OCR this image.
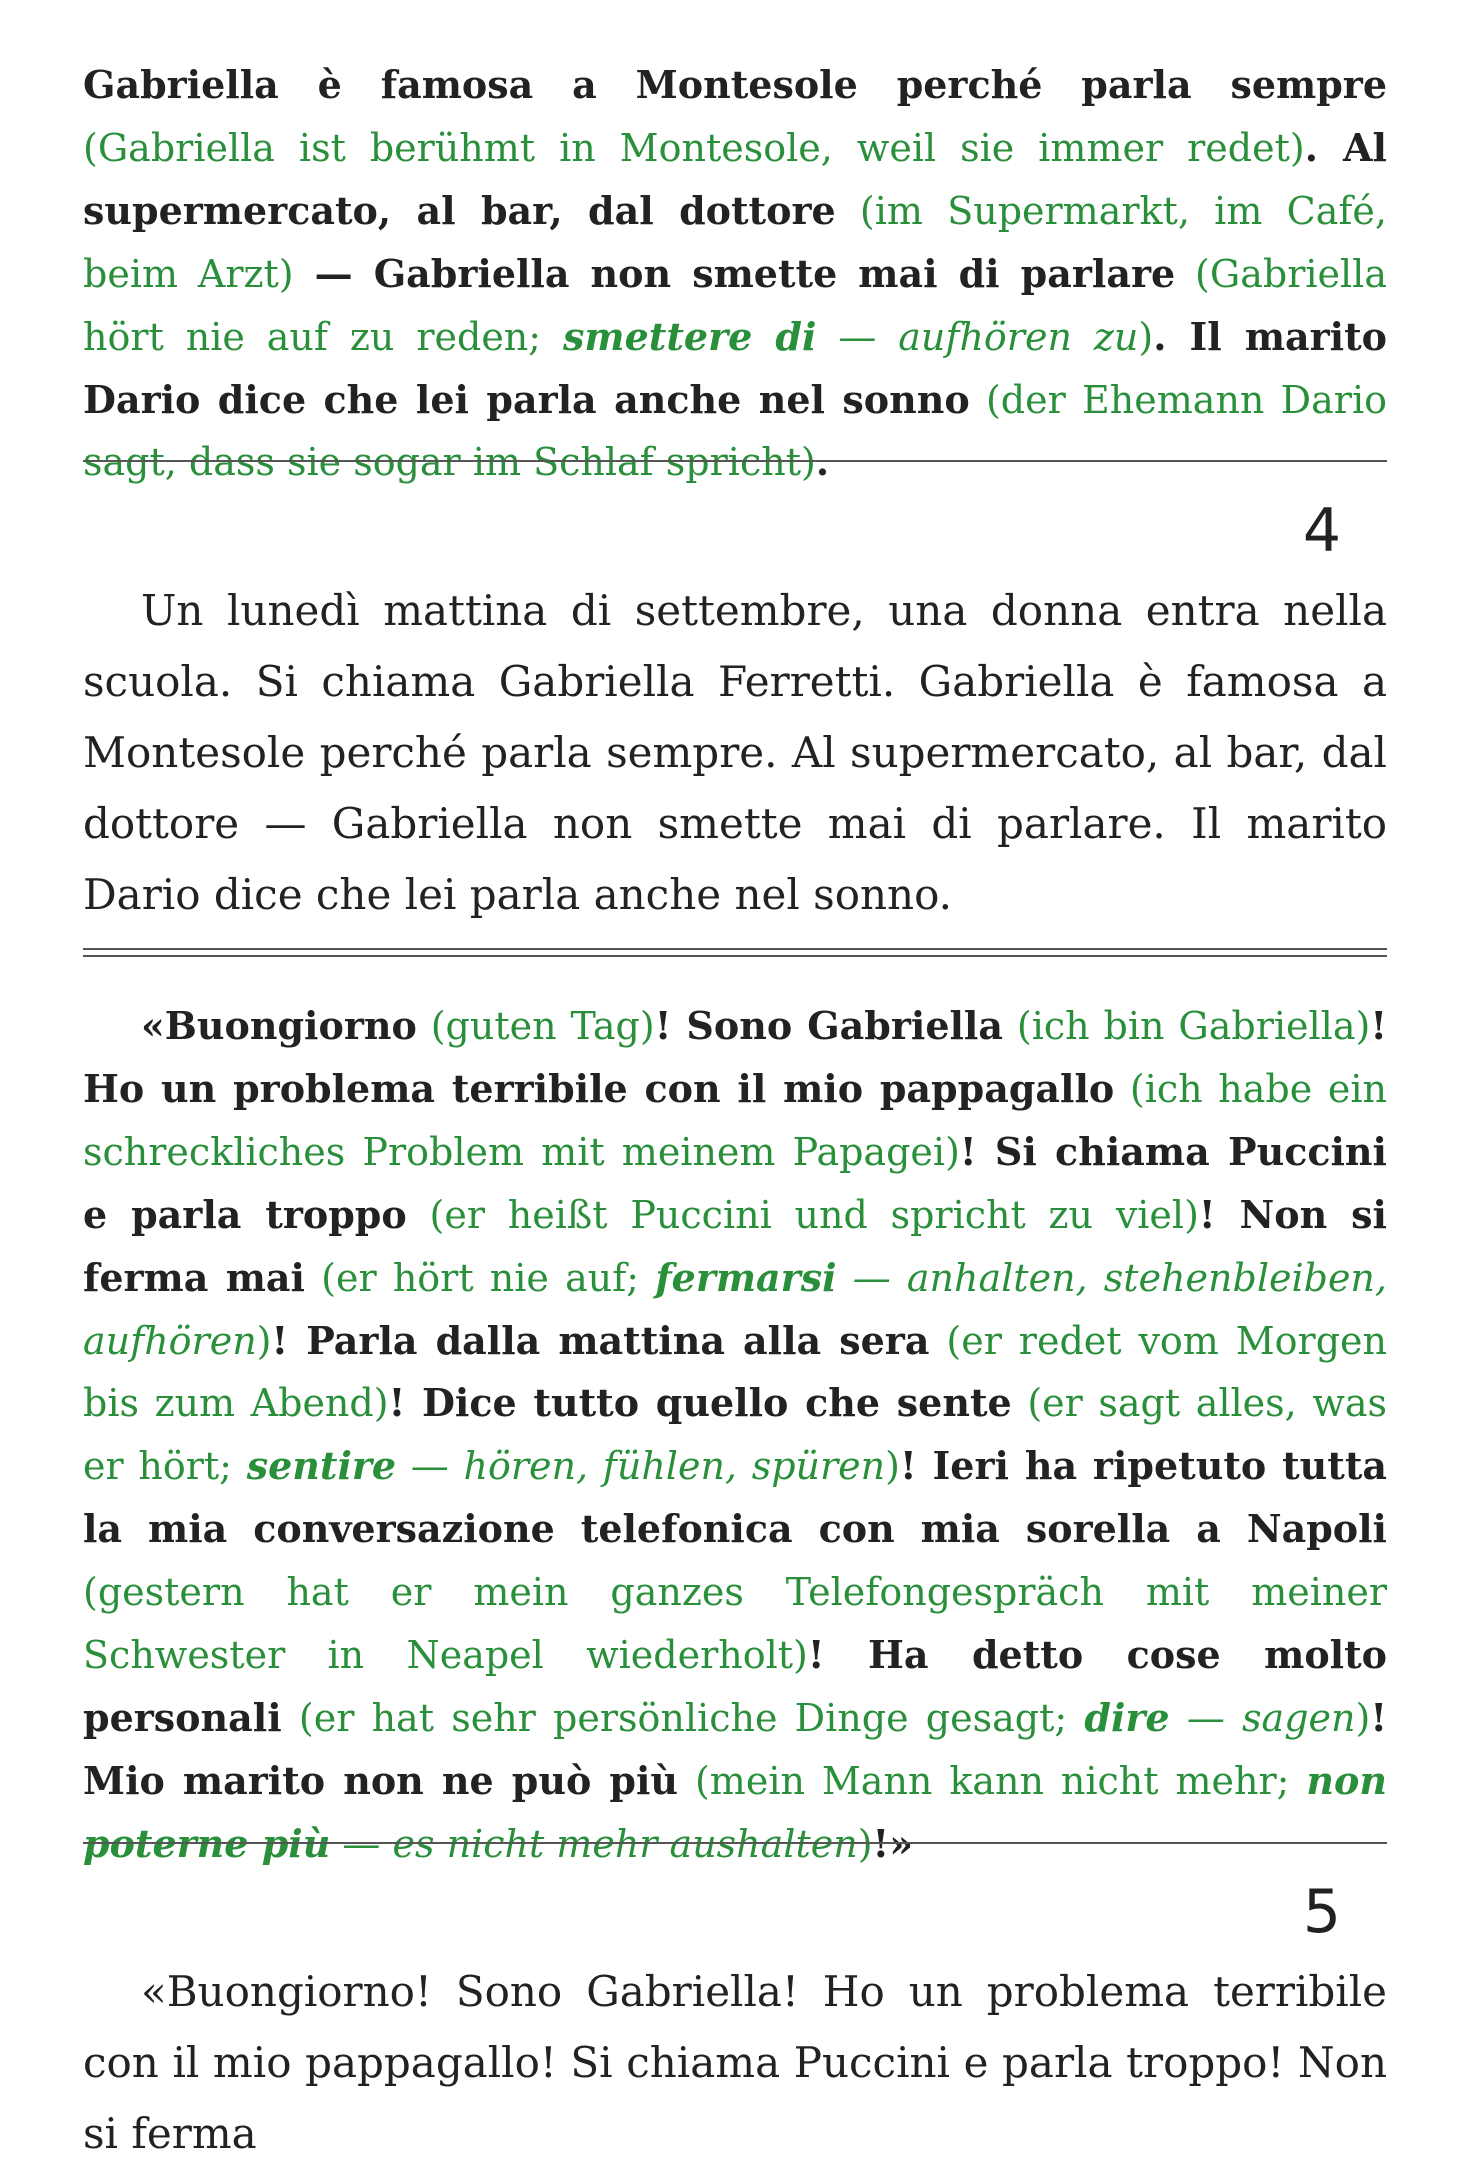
Gabriella è famosa a Montesole perché parla sempre (Gabriella ist berühmt in Montesole, weil sie immer redet). Al supermercato, al bar, dal dottore (im Supermarkt, im Café, beim Arzt) — Gabriella non smette mai di parlare (Gabriella hört nie auf zu reden; smettere di — aufhören zu). Il marito Dario dice che lei parla anche nel sonno (der Ehemann Dario sagt, dass sie sogar im Schlaf spricht).

4

Un lunedì mattina di settembre, una donna entra nella scuola. Si chiama Gabriella Ferretti. Gabriella è famosa a Montesole perché parla sempre. Al supermercato, al bar, dal dottore — Gabriella non smette mai di parlare. Il marito Dario dice che lei parla anche nel sonno.

«Buongiorno (guten Tag)! Sono Gabriella (ich bin Gabriella)! Ho un problema terribile con il mio pappagallo (ich habe ein schreckliches Problem mit meinem Papagei)! Si chiama Puccini e parla troppo (er heißt Puccini und spricht zu viel)! Non si ferma mai (er hört nie auf; fermarsi — anhalten, stehenbleiben, aufhören)! Parla dalla mattina alla sera (er redet vom Morgen bis zum Abend)! Dice tutto quello che sente (er sagt alles, was er hört; sentire — hören, fühlen, spüren)! Ieri ha ripetuto tutta la mia conversazione telefonica con mia sorella a Napoli (gestern hat er mein ganzes Telefongespräch mit meiner Schwester in Neapel wiederholt)! Ha detto cose molto personali (er hat sehr persönliche Dinge gesagt; dire — sagen)! Mio marito non ne può più (mein Mann kann nicht mehr; non poterne più — es nicht mehr aushalten)!»

5

«Buongiorno! Sono Gabriella! Ho un problema terribile con il mio pappagallo! Si chiama Puccini e parla troppo! Non si ferma
